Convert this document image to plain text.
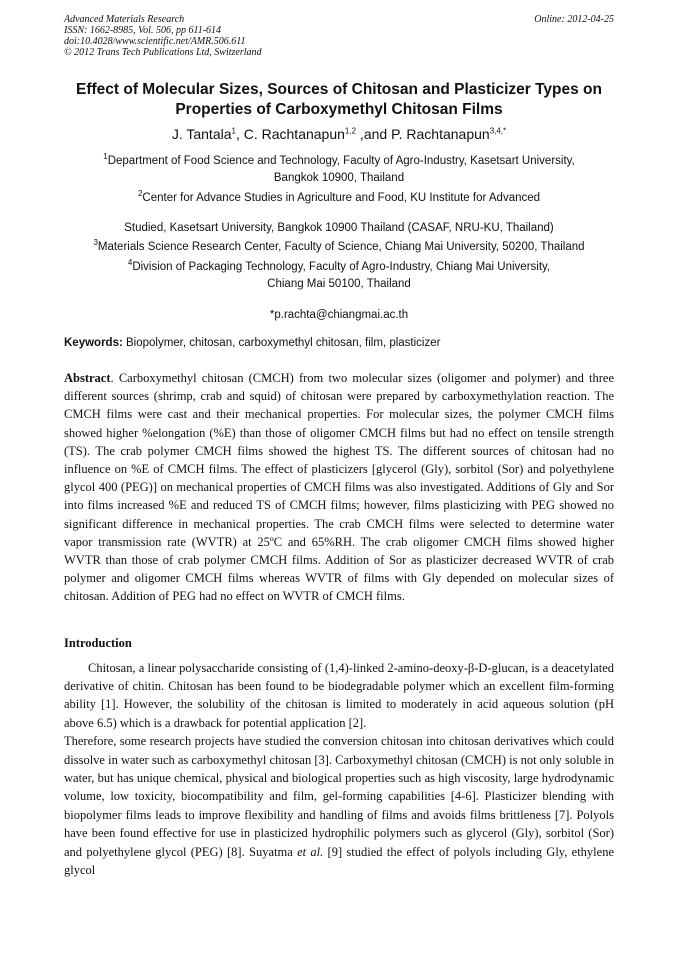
Advanced Materials Research
ISSN: 1662-8985, Vol. 506, pp 611-614
doi:10.4028/www.scientific.net/AMR.506.611
© 2012 Trans Tech Publications Ltd, Switzerland
Online: 2012-04-25
Effect of Molecular Sizes, Sources of Chitosan and Plasticizer Types on
Properties of Carboxymethyl Chitosan Films
J. Tantala$^1$, C. Rachtanapun$^{1,2}$ ,and P. Rachtanapun$^{3,4,*}$

$^1$Department of Food Science and Technology, Faculty of Agro-Industry, Kasetsart University,
Bangkok 10900, Thailand

$^2$Center for Advance Studies in Agriculture and Food, KU Institute for Advanced

Studied, Kasetsart University, Bangkok 10900 Thailand (CASAF, NRU-KU, Thailand)

$^3$Materials Science Research Center, Faculty of Science, Chiang Mai University, 50200, Thailand

$^4$Division of Packaging Technology, Faculty of Agro-Industry, Chiang Mai University,
Chiang Mai 50100, Thailand

*p.rachta@chiangmai.ac.th
Keywords: Biopolymer, chitosan, carboxymethyl chitosan, film, plasticizer
Abstract. Carboxymethyl chitosan (CMCH) from two molecular sizes (oligomer and polymer) and three different sources (shrimp, crab and squid) of chitosan were prepared by carboxymethylation reaction. The CMCH films were cast and their mechanical properties. For molecular sizes, the polymer CMCH films showed higher %elongation (%E) than those of oligomer CMCH films but had no effect on tensile strength (TS). The crab polymer CMCH films showed the highest TS. The different sources of chitosan had no influence on %E of CMCH films. The effect of plasticizers [glycerol (Gly), sorbitol (Sor) and polyethylene glycol 400 (PEG)] on mechanical properties of CMCH films was also investigated. Additions of Gly and Sor into films increased %E and reduced TS of CMCH films; however, films plasticizing with PEG showed no significant difference in mechanical properties. The crab CMCH films were selected to determine water vapor transmission rate (WVTR) at 25ºC and 65%RH. The crab oligomer CMCH films showed higher WVTR than those of crab polymer CMCH films. Addition of Sor as plasticizer decreased WVTR of crab polymer and oligomer CMCH films whereas WVTR of films with Gly depended on molecular sizes of chitosan. Addition of PEG had no effect on WVTR of CMCH films.
Introduction

Chitosan, a linear polysaccharide consisting of (1,4)-linked 2-amino-deoxy-β-D-glucan, is a deacetylated derivative of chitin. Chitosan has been found to be biodegradable polymer which an excellent film-forming ability [1]. However, the solubility of the chitosan is limited to moderately in acid aqueous solution (pH above 6.5) which is a drawback for potential application [2].

Therefore, some research projects have studied the conversion chitosan into chitosan derivatives which could dissolve in water such as carboxymethyl chitosan [3]. Carboxymethyl chitosan (CMCH) is not only soluble in water, but has unique chemical, physical and biological properties such as high viscosity, large hydrodynamic volume, low toxicity, biocompatibility and film, gel-forming capabilities [4-6]. Plasticizer blending with biopolymer films leads to improve flexibility and handling of films and avoids films brittleness [7]. Polyols have been found effective for use in plasticized hydrophilic polymers such as glycerol (Gly), sorbitol (Sor) and polyethylene glycol (PEG) [8]. Suyatma et al. [9] studied the effect of polyols including Gly, ethylene glycol
